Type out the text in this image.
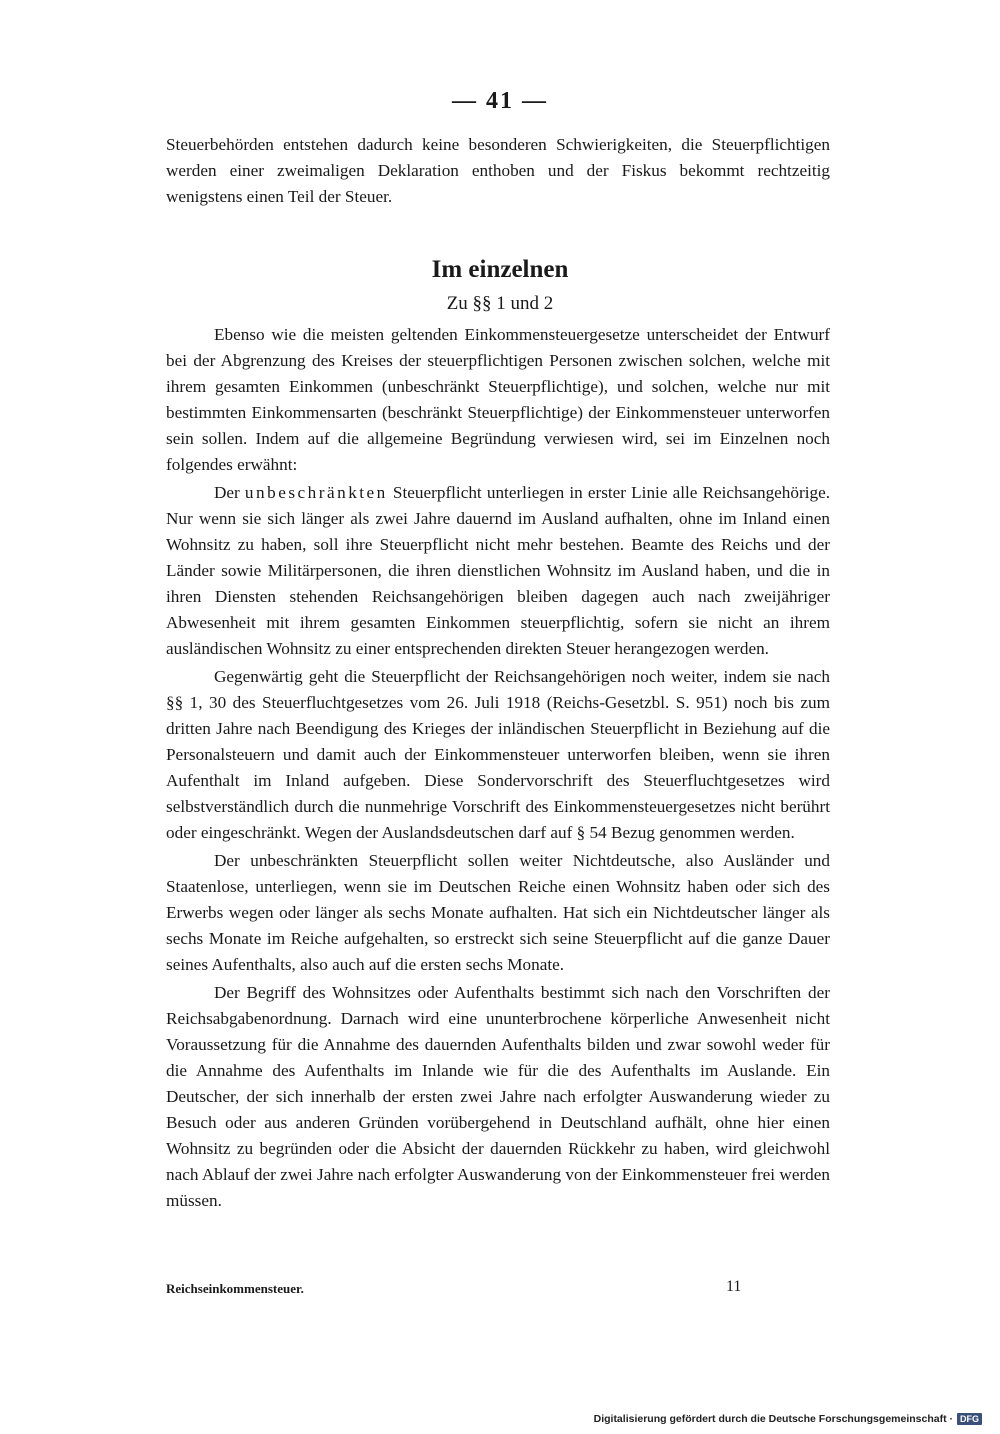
— 41 —

Steuerbehörden entstehen dadurch keine besonderen Schwierigkeiten, die Steuerpflichtigen werden einer zweimaligen Deklaration enthoben und der Fiskus bekommt rechtzeitig wenigstens einen Teil der Steuer.

Im einzelnen
Zu §§ 1 und 2

Ebenso wie die meisten geltenden Einkommensteuergesetze unterscheidet der Entwurf bei der Abgrenzung des Kreises der steuerpflichtigen Personen zwischen solchen, welche mit ihrem gesamten Einkommen (unbeschränkt Steuerpflichtige), und solchen, welche nur mit bestimmten Einkommensarten (beschränkt Steuerpflichtige) der Einkommensteuer unterworfen sein sollen. Indem auf die allgemeine Begründung verwiesen wird, sei im Einzelnen noch folgendes erwähnt:

Der unbeschränkten Steuerpflicht unterliegen in erster Linie alle Reichsangehörige. Nur wenn sie sich länger als zwei Jahre dauernd im Ausland aufhalten, ohne im Inland einen Wohnsitz zu haben, soll ihre Steuerpflicht nicht mehr bestehen. Beamte des Reichs und der Länder sowie Militärpersonen, die ihren dienstlichen Wohnsitz im Ausland haben, und die in ihren Diensten stehenden Reichsangehörigen bleiben dagegen auch nach zweijähriger Abwesenheit mit ihrem gesamten Einkommen steuerpflichtig, sofern sie nicht an ihrem ausländischen Wohnsitz zu einer entsprechenden direkten Steuer herangezogen werden.

Gegenwärtig geht die Steuerpflicht der Reichsangehörigen noch weiter, indem sie nach §§ 1, 30 des Steuerfluchtgesetzes vom 26. Juli 1918 (Reichs-Gesetzbl. S. 951) noch bis zum dritten Jahre nach Beendigung des Krieges der inländischen Steuerpflicht in Beziehung auf die Personalsteuern und damit auch der Einkommensteuer unterworfen bleiben, wenn sie ihren Aufenthalt im Inland aufgeben. Diese Sondervorschrift des Steuerfluchtgesetzes wird selbstverständlich durch die nunmehrige Vorschrift des Einkommensteuergesetzes nicht berührt oder eingeschränkt. Wegen der Auslandsdeutschen darf auf § 54 Bezug genommen werden.

Der unbeschränkten Steuerpflicht sollen weiter Nichtdeutsche, also Ausländer und Staatenlose, unterliegen, wenn sie im Deutschen Reiche einen Wohnsitz haben oder sich des Erwerbs wegen oder länger als sechs Monate aufhalten. Hat sich ein Nichtdeutscher länger als sechs Monate im Reiche aufgehalten, so erstreckt sich seine Steuerpflicht auf die ganze Dauer seines Aufenthalts, also auch auf die ersten sechs Monate.

Der Begriff des Wohnsitzes oder Aufenthalts bestimmt sich nach den Vorschriften der Reichsabgabenordnung. Darnach wird eine ununterbrochene körperliche Anwesenheit nicht Voraussetzung für die Annahme des dauernden Aufenthalts bilden und zwar sowohl weder für die Annahme des Aufenthalts im Inlande wie für die des Aufenthalts im Auslande. Ein Deutscher, der sich innerhalb der ersten zwei Jahre nach erfolgter Auswanderung wieder zu Besuch oder aus anderen Gründen vorübergehend in Deutschland aufhält, ohne hier einen Wohnsitz zu begründen oder die Absicht der dauernden Rückkehr zu haben, wird gleichwohl nach Ablauf der zwei Jahre nach erfolgter Auswanderung von der Einkommensteuer frei werden müssen.

Reichseinkommensteuer.	11
Digitalisierung gefördert durch die Deutsche Forschungsgemeinschaft · DFG
